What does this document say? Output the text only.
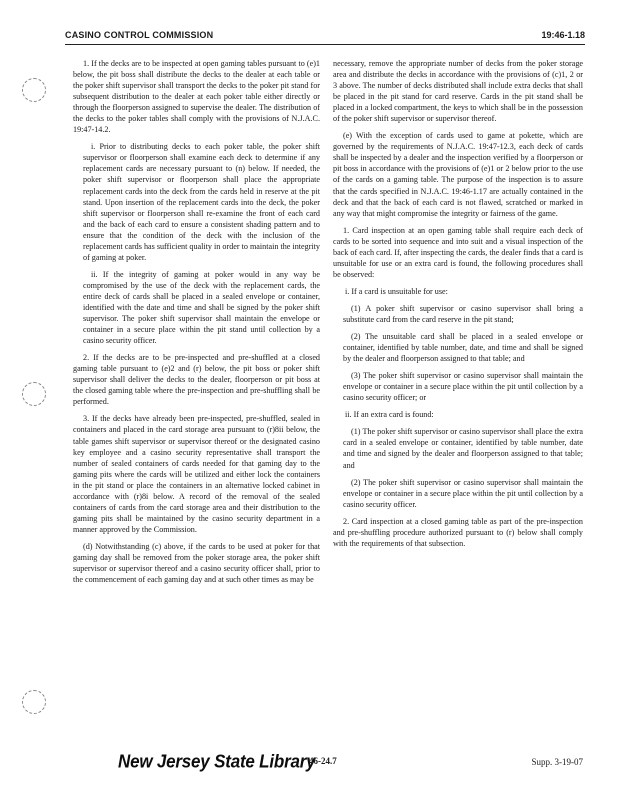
CASINO CONTROL COMMISSION	19:46-1.18

1. If the decks are to be inspected at open gaming tables pursuant to (e)1 below, the pit boss shall distribute the decks to the dealer at each table or the poker shift supervisor shall transport the decks to the poker pit stand for subsequent distribution to the dealer at each poker table either directly or through the floorperson assigned to supervise the dealer. The distribution of the decks to the poker tables shall comply with the provisions of N.J.A.C. 19:47-14.2.

i. Prior to distributing decks to each poker table, the poker shift supervisor or floorperson shall examine each deck to determine if any replacement cards are necessary pursuant to (n) below. If needed, the poker shift supervisor or floorperson shall place the appropriate replacement cards into the deck from the cards held in reserve at the pit stand. Upon insertion of the replacement cards into the deck, the poker shift supervisor or floorperson shall re-examine the front of each card and the back of each card to ensure a consistent shading pattern and to ensure that the condition of the deck with the inclusion of the replacement cards has sufficient quality in order to maintain the integrity of gaming at poker.

ii. If the integrity of gaming at poker would in any way be compromised by the use of the deck with the replacement cards, the entire deck of cards shall be placed in a sealed envelope or container, identified with the date and time and shall be signed by the poker shift supervisor. The poker shift supervisor shall maintain the envelope or container in a secure place within the pit stand until collection by a casino security officer.

2. If the decks are to be pre-inspected and pre-shuffled at a closed gaming table pursuant to (e)2 and (r) below, the pit boss or poker shift supervisor shall deliver the decks to the dealer, floorperson or pit boss at the closed gaming table where the pre-inspection and pre-shuffling shall be performed.

3. If the decks have already been pre-inspected, pre-shuffled, sealed in containers and placed in the card storage area pursuant to (r)8ii below, the table games shift supervisor or supervisor thereof or the designated casino key employee and a casino security representative shall transport the number of sealed containers of cards needed for that gaming day to the gaming pits where the cards will be utilized and either lock the containers in the pit stand or place the containers in an alternative locked cabinet in accordance with (r)8i below. A record of the removal of the sealed containers of cards from the card storage area and their distribution to the gaming pits shall be maintained by the casino security department in a manner approved by the Commission.

(d) Notwithstanding (c) above, if the cards to be used at poker for that gaming day shall be removed from the poker storage area, the poker shift supervisor or supervisor thereof and a casino security officer shall, prior to the commencement of each gaming day and at such other times as may be

necessary, remove the appropriate number of decks from the poker storage area and distribute the decks in accordance with the provisions of (c)1, 2 or 3 above. The number of decks distributed shall include extra decks that shall be placed in the pit stand for card reserve. Cards in the pit stand shall be placed in a locked compartment, the keys to which shall be in the possession of the poker shift supervisor or supervisor thereof.

(e) With the exception of cards used to game at pokette, which are governed by the requirements of N.J.A.C. 19:47-12.3, each deck of cards shall be inspected by a dealer and the inspection verified by a floorperson or pit boss in accordance with the provisions of (e)1 or 2 below prior to the use of the cards on a gaming table. The purpose of the inspection is to assure that the cards specified in N.J.A.C. 19:46-1.17 are actually contained in the deck and that the back of each card is not flawed, scratched or marked in any way that might compromise the integrity or fairness of the game.

1. Card inspection at an open gaming table shall require each deck of cards to be sorted into sequence and into suit and a visual inspection of the back of each card. If, after inspecting the cards, the dealer finds that a card is unsuitable for use or an extra card is found, the following procedures shall be observed:

i. If a card is unsuitable for use:

(1) A poker shift supervisor or casino supervisor shall bring a substitute card from the card reserve in the pit stand;

(2) The unsuitable card shall be placed in a sealed envelope or container, identified by table number, date, and time and shall be signed by the dealer and floorperson assigned to that table; and

(3) The poker shift supervisor or casino supervisor shall maintain the envelope or container in a secure place within the pit until collection by a casino security officer; or

ii. If an extra card is found:

(1) The poker shift supervisor or casino supervisor shall place the extra card in a sealed envelope or container, identified by table number, date and time and signed by the dealer and floorperson assigned to that table; and

(2) The poker shift supervisor or casino supervisor shall maintain the envelope or container in a secure place within the pit until collection by a casino security officer.

2. Card inspection at a closed gaming table as part of the pre-inspection and pre-shuffling procedure authorized pursuant to (r) below shall comply with the requirements of that subsection.

New Jersey State Library
46-24.7	Supp. 3-19-07
